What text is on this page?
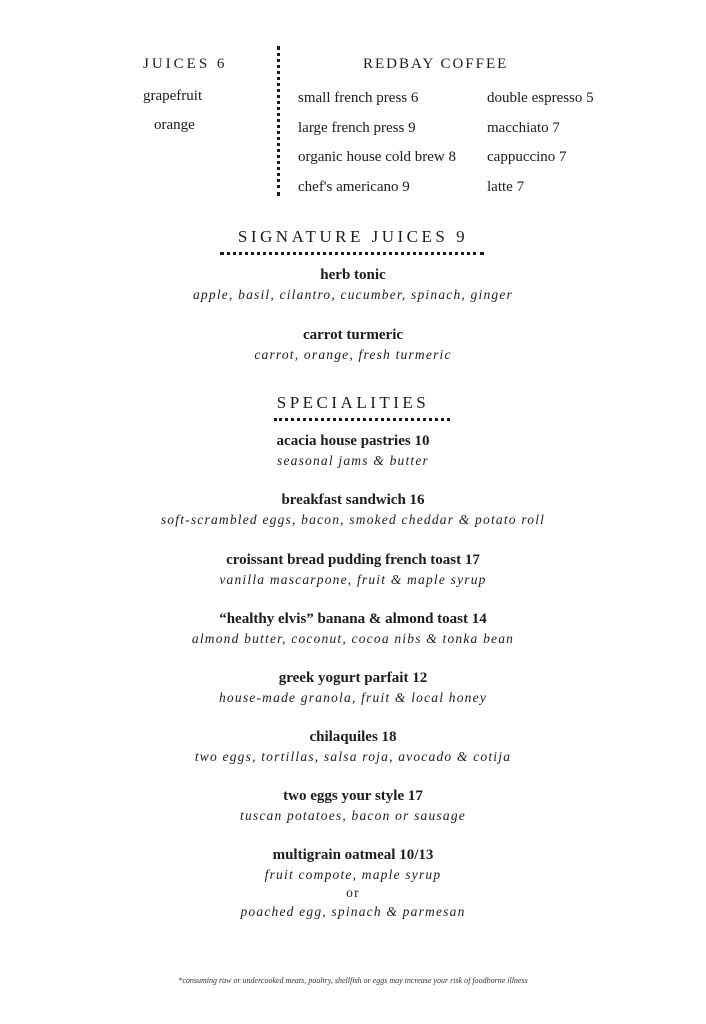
JUICES 6
grapefruit
orange
REDBAY COFFEE
small french press 6
large french press 9
organic house cold brew 8
chef's americano 9
double espresso 5
macchiato 7
cappuccino 7
latte 7
SIGNATURE JUICES 9
herb tonic
apple, basil, cilantro, cucumber, spinach, ginger
carrot turmeric
carrot, orange, fresh turmeric
SPECIALITIES
acacia house pastries 10
seasonal jams & butter
breakfast sandwich 16
soft-scrambled eggs, bacon, smoked cheddar & potato roll
croissant bread pudding french toast 17
vanilla mascarpone, fruit & maple syrup
“healthy elvis” banana & almond toast 14
almond butter, coconut, cocoa nibs & tonka bean
greek yogurt parfait 12
house-made granola, fruit & local honey
chilaquiles 18
two eggs, tortillas, salsa roja, avocado & cotija
two eggs your style 17
tuscan potatoes, bacon or sausage
multigrain oatmeal 10/13
fruit compote, maple syrup
or
poached egg, spinach & parmesan
*consuming raw or undercooked meats, poultry, shellfish or eggs may increase your risk of foodborne illness
